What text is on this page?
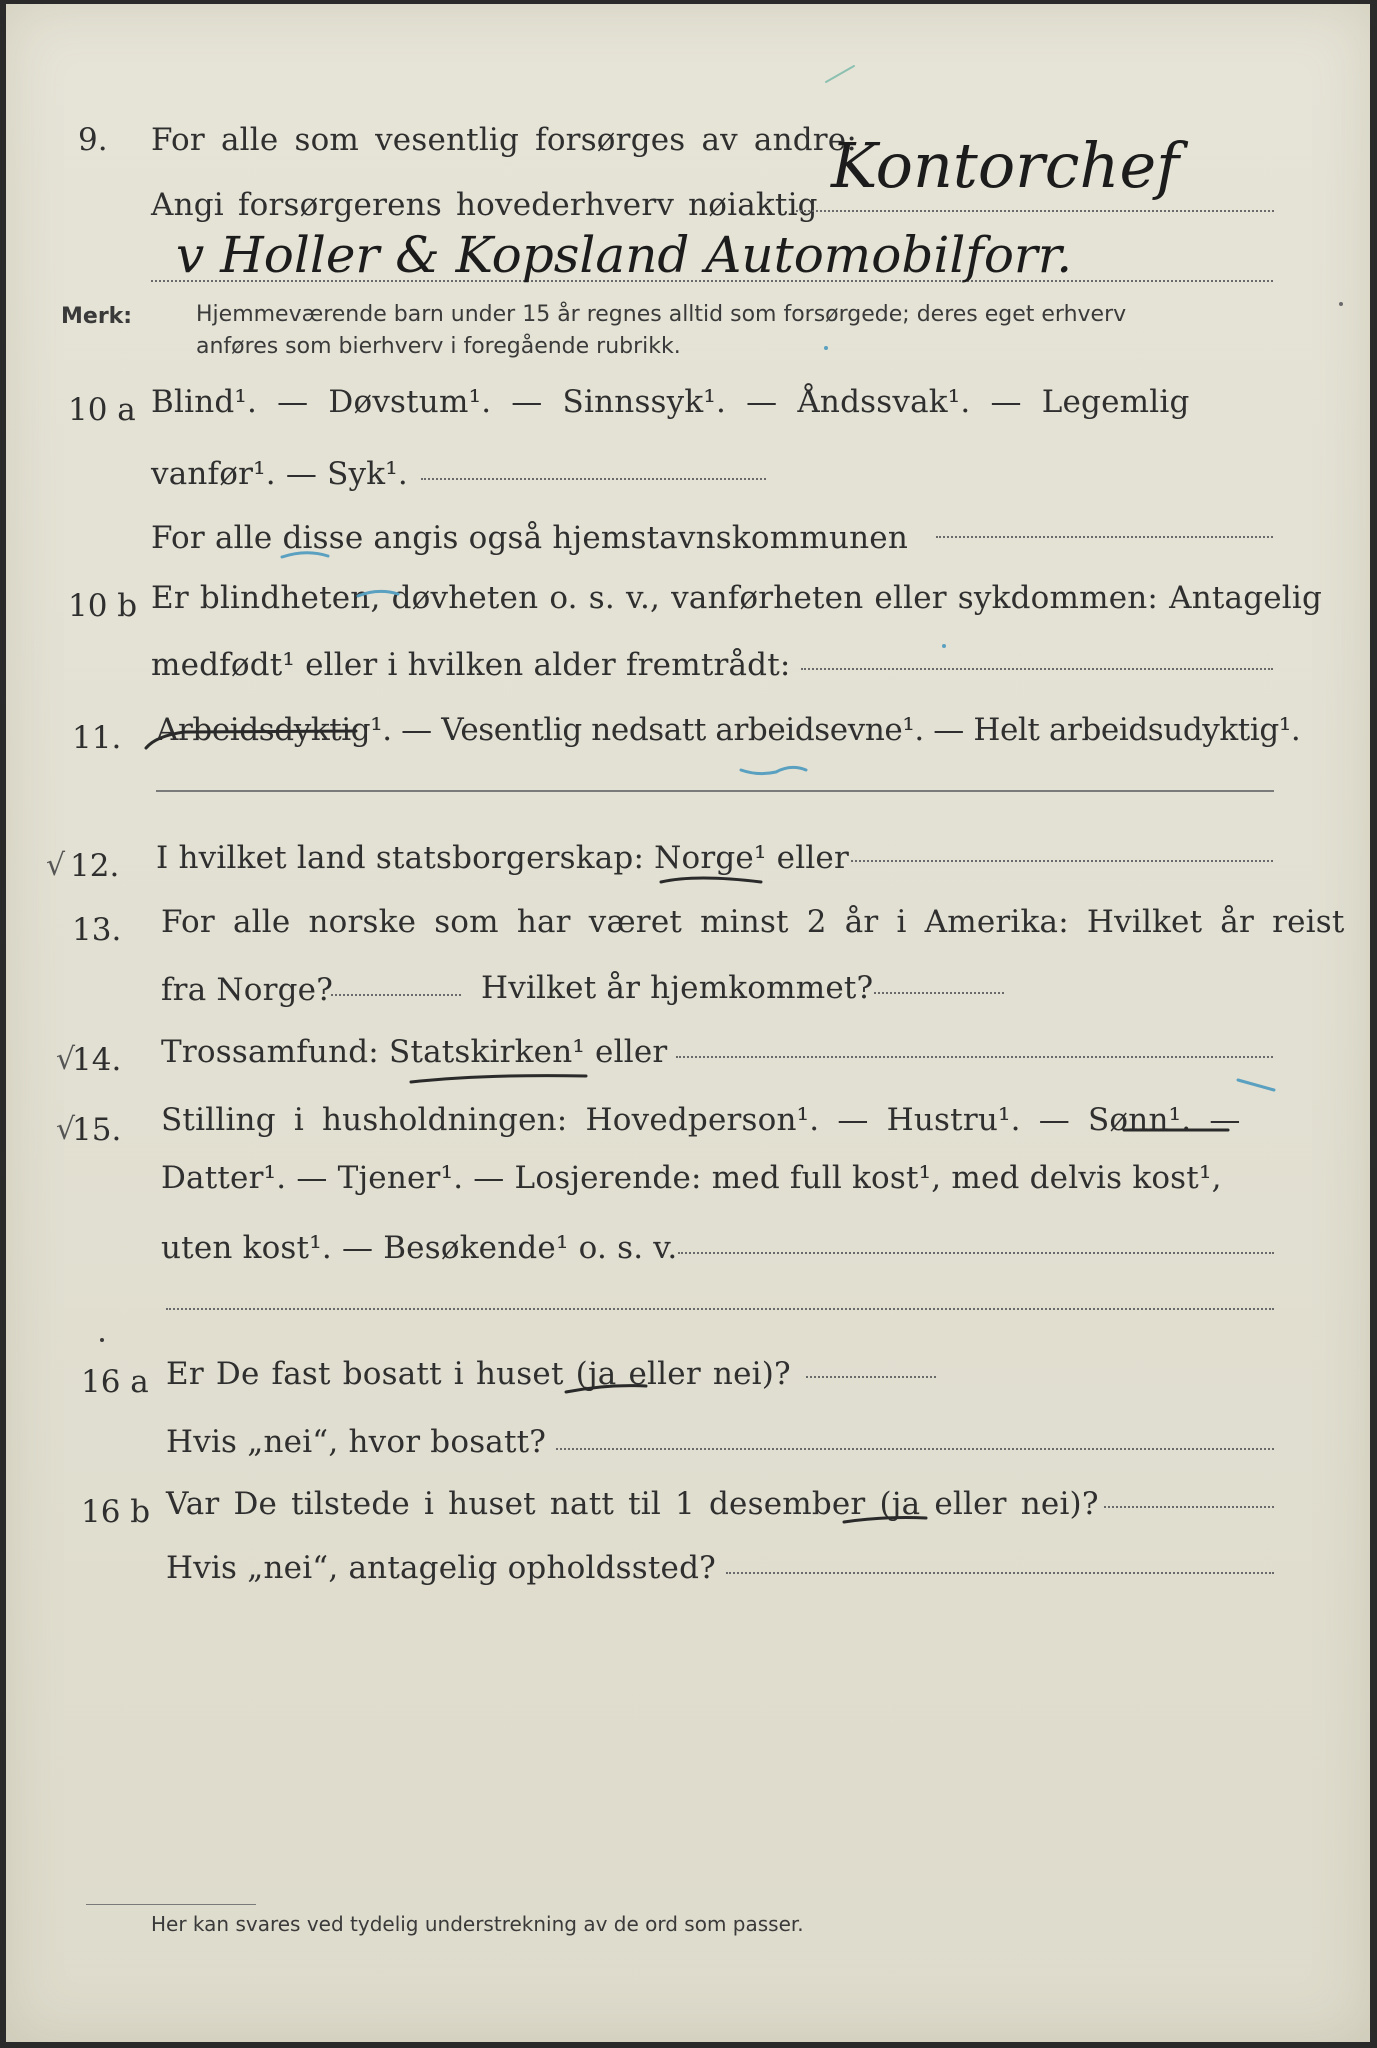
9. For alle som vesentlig forsørges av andre:
Angi forsørgerens hovederhverv nøiaktig
Kontorchef
v Holler & Kopsland Automobilforr.
Merk:	Hjemmeværende barn under 15 år regnes alltid som forsørgede; deres eget erhverv
anføres som bierhverv i foregående rubrikk.
10 a Blind¹. — Døvstum¹. — Sinnssyk¹. — Åndssvak¹. — Legemlig
vanfør¹. — Syk¹.
For alle disse angis også hjemstavnskommunen
10 b Er blindheten, døvheten o. s. v., vanførheten eller sykdommen: Antagelig
medfødt¹ eller i hvilken alder fremtrådt:
11. Arbeidsdyktig¹. — Vesentlig nedsatt arbeidsevne¹. — Helt arbeidsudyktig¹.
√ 12. I hvilket land statsborgerskap: Norge¹ eller
13. For alle norske som har været minst 2 år i Amerika: Hvilket år reist
fra Norge?	Hvilket år hjemkommet?
√
14. Trossamfund: Statskirken¹ eller
√
15. Stilling i husholdningen: Hovedperson¹. — Hustru¹. — Sønn¹. —
Datter¹. — Tjener¹. — Losjerende: med full kost¹, med delvis kost¹,
uten kost¹. — Besøkende¹ o. s. v.
16 a Er De fast bosatt i huset (ja eller nei)?
Hvis „nei“, hvor bosatt?
16 b Var De tilstede i huset natt til 1 desember (ja eller nei)?
Hvis „nei“, antagelig opholdssted?
Her kan svares ved tydelig understrekning av de ord som passer.
